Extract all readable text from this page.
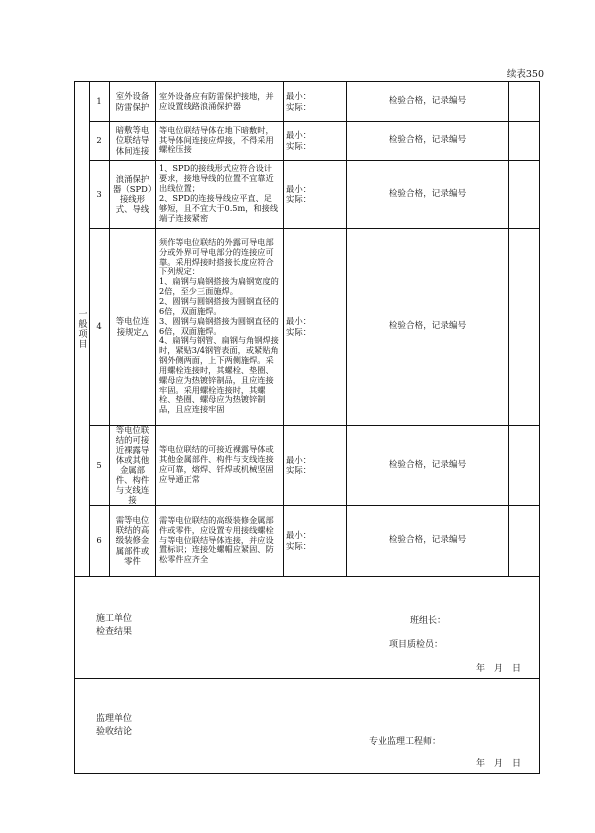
续表350
一般项目
1
室外设备防雷保护
室外设备应有防雷保护接地，并应设置线路浪涌保护器
最小：
实际：
检验合格，记录编号
2
暗敷等电位联结导体间连接
等电位联结导体在地下暗敷时，其导体间连接应焊接，不得采用螺栓压接
最小：
实际：
检验合格，记录编号
3
浪涌保护器（SPD）接线形式、导线
1、SPD的接线形式应符合设计要求，接地导线的位置不宜靠近出线位置；
2、SPD的连接导线应平直、足够短，且不宜大于0.5m，和接线端子连接紧密
最小：
实际：
检验合格，记录编号
4
等电位连接规定△
须作等电位联结的外露可导电部分或外界可导电部分的连接应可靠。采用焊接时搭接长度应符合下列规定：
1、扁钢与扁钢搭接为扁钢宽度的2倍，至少三面施焊。
2、圆钢与圆钢搭接为圆钢直径的6倍，双面施焊。
3、圆钢与扁钢搭接为圆钢直径的6倍，双面施焊。
4、扁钢与钢管、扁钢与角钢焊接时，紧贴3/4钢管表面，或紧贴角钢外侧两面，上下两侧施焊。采用螺栓连接时，其螺栓、垫圈、螺母应为热镀锌制品，且应连接牢固。采用螺栓连接时，其螺栓、垫圈、螺母应为热镀锌制品，且应连接牢固
最小：
实际：
检验合格，记录编号
5
等电位联结的可接近裸露导体或其他金属部件、构件与支线连接
等电位联结的可接近裸露导体或其他金属部件、构件与支线连接应可靠，熔焊、钎焊或机械坚固应导通正常
最小：
实际：
检验合格，记录编号
6
需等电位联结的高级装修金属部件或零件
需等电位联结的高级装修金属部件或零件，应设置专用接线螺栓与等电位联结导体连接，并应设置标识；连接处螺帽应紧固、防松零件应齐全
最小：
实际：
检验合格，记录编号
施工单位
检查结果
班组长：
项目质检员：
年　月　日
监理单位
验收结论
专业监理工程师：
年　月　日
